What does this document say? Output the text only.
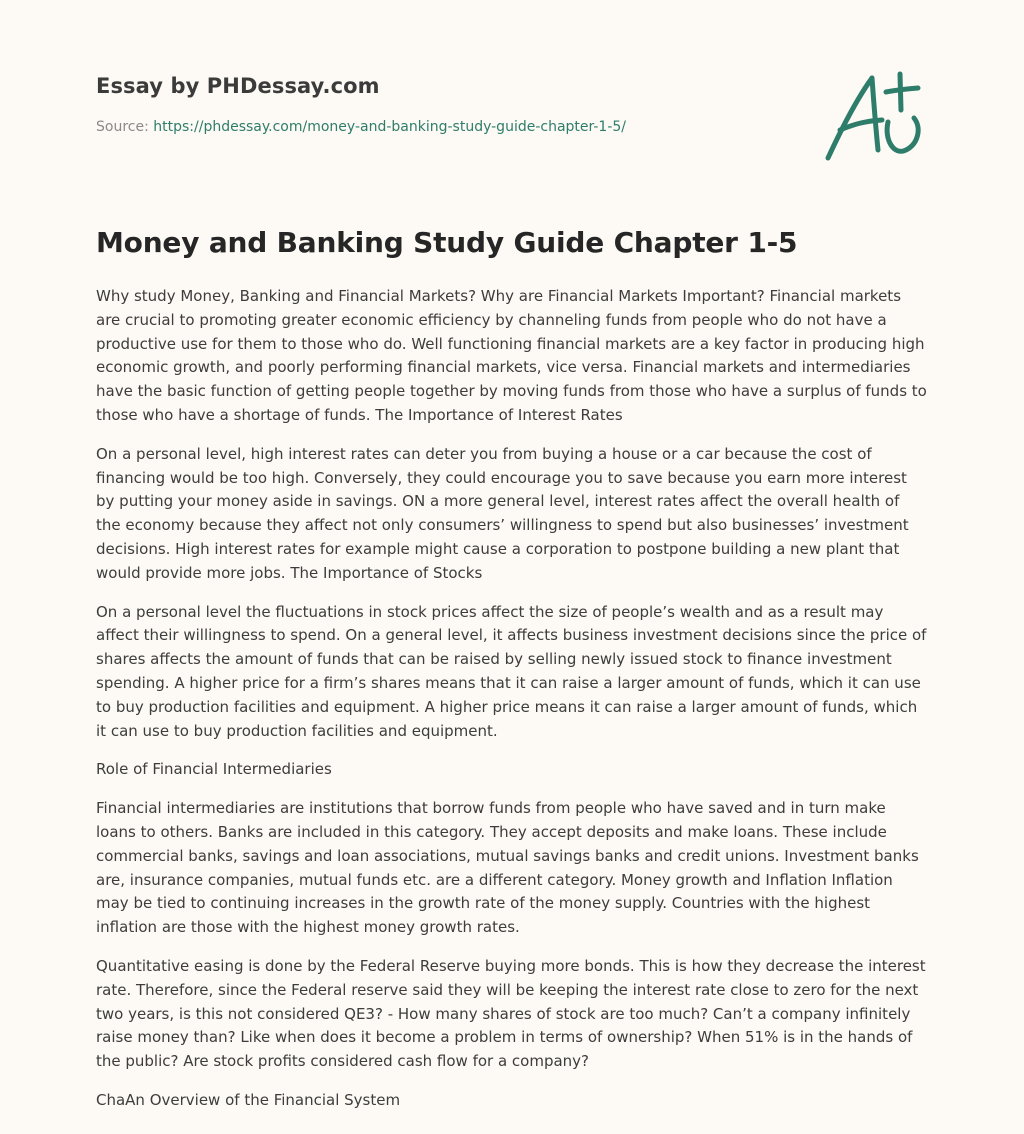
Essay by PHDessay.com
Source: https://phdessay.com/money-and-banking-study-guide-chapter-1-5/
Money and Banking Study Guide Chapter 1-5

Why study Money, Banking and Financial Markets? Why are Financial Markets Important? Financial markets are crucial to promoting greater economic efficiency by channeling funds from people who do not have a productive use for them to those who do. Well functioning financial markets are a key factor in producing high economic growth, and poorly performing financial markets, vice versa. Financial markets and intermediaries have the basic function of getting people together by moving funds from those who have a surplus of funds to those who have a shortage of funds. The Importance of Interest Rates

On a personal level, high interest rates can deter you from buying a house or a car because the cost of financing would be too high. Conversely, they could encourage you to save because you earn more interest by putting your money aside in savings. ON a more general level, interest rates affect the overall health of the economy because they affect not only consumers’ willingness to spend but also businesses’ investment decisions. High interest rates for example might cause a corporation to postpone building a new plant that would provide more jobs. The Importance of Stocks

On a personal level the fluctuations in stock prices affect the size of people’s wealth and as a result may affect their willingness to spend. On a general level, it affects business investment decisions since the price of shares affects the amount of funds that can be raised by selling newly issued stock to finance investment spending. A higher price for a firm’s shares means that it can raise a larger amount of funds, which it can use to buy production facilities and equipment. A higher price means it can raise a larger amount of funds, which it can use to buy production facilities and equipment.

Role of Financial Intermediaries

Financial intermediaries are institutions that borrow funds from people who have saved and in turn make loans to others. Banks are included in this category. They accept deposits and make loans. These include commercial banks, savings and loan associations, mutual savings banks and credit unions. Investment banks are, insurance companies, mutual funds etc. are a different category. Money growth and Inflation Inflation may be tied to continuing increases in the growth rate of the money supply. Countries with the highest inflation are those with the highest money growth rates.

Quantitative easing is done by the Federal Reserve buying more bonds. This is how they decrease the interest rate. Therefore, since the Federal reserve said they will be keeping the interest rate close to zero for the next two years, is this not considered QE3? - How many shares of stock are too much? Can’t a company infinitely raise money than? Like when does it become a problem in terms of ownership? When 51% is in the hands of the public? Are stock profits considered cash flow for a company?

ChaAn Overview of the Financial System
